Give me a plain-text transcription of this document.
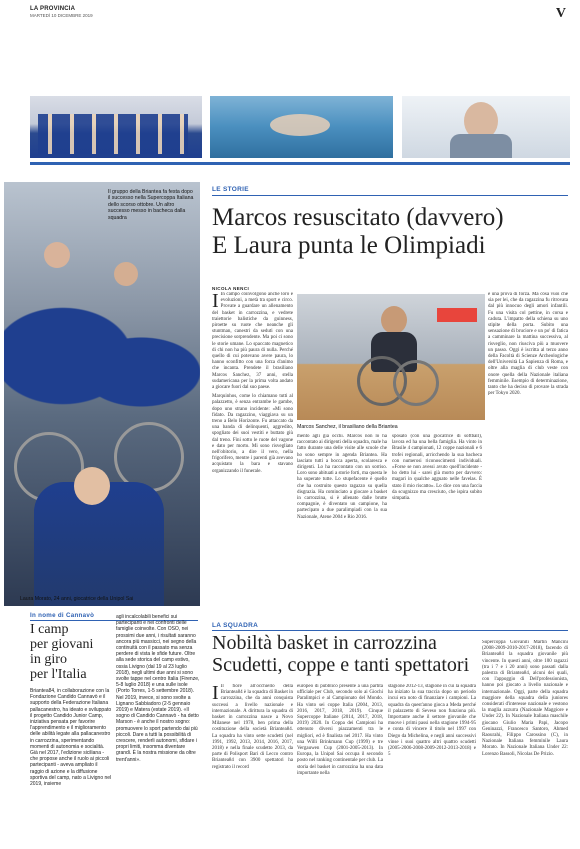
LA PROVINCIA
MARTEDÌ 10 DICEMBRE 2019	V
Il gruppo della Briantea fa festa dopo il successo nella Supercoppa Italiana dello scorso ottobre. Un altro successo messo in bacheca dalla squadra
Laura Morato, 24 anni, giocatrice della Unipol Sai
LE STORIE
Marcos resuscitato (davvero)
E Laura punta le Olimpiadi
NICOLA NENCI
I In campo coinvolgono anche loro e evoluzioni, a metà tra sport e circo. Provate a guardare un allenamento del basket in carrozzina, e vedrete traiettorie balistiche da guinness, piroette su ruote che neanche gli stuntman, canestri da seduti con una precisione sorprendente. Ma poi ci sono le storie umane. Lo spaccato magnetico di chi non ha più paura di nulla. Perché quello di cui potevano avere paura, lo hanno sconfitto con una forza d'animo che incanta. Prendete il brasiliano Marcos Sanchez, 37 anni, stella sudamericana per la prima volta andato a giocare fuori dal suo paese.
Marquinhos, come lo chiamano tutti al palazzetto, è senza entrambe le gambe, dopo uno strano incidente: «Mi sono fidato. Da ragazzino, viaggiava su un treno a Belo Horizonte. Fu attaccato da una banda di delinquenti, aggredito, spogliato dei suoi vestiti e buttato giù dal treno. Fini sotto le ruote del vagone e dato per morto. Mi sono risvegliato nell'obitorio, a dire il vero, nella frigorifero, mentre i parenti già avevano acquistato la bara e stavano organizzando il funerale.
Marcos Sanchez, il brasiliano della Briantea
mento agli già occhi. Marcos non lo ha raccontato ai dirigenti della squadra, male ha fatto durante una delle visite alle scuole che ho sono sempre in agenda Briantea. Ha lasciato tutti a bocca aperta, scolaresca e dirigenti. Lo ha raccontato con un sorriso. Loro sono abituati a storie forti, ma questa le ha superate tutte. Lo stupefacente è quello che ha costruito questo ragazzo su quella disgrazia. Ha cominciato a giocare a basket in carrozzina, si è allenato dalle brutte compagnie, è diventato un campione, ha partecipato a due paralimpiadi con la sua Nazionale, Atene 2004 e Rio 2016.
sposato (con una giocatrice di softball), lavora ed ha una bella famiglia. Ha vinto in Brasile 4 campionati, 12 coppe nazionali e 6 trofei regionali, arricchendo la sua bacheca con numerosi riconoscimenti individuali. «Forse se non avessi avuto quell'incidente - ho detto lui - sarei già morto per davvero: magari in qualche agguato nelle favelas. È stato il mio riscatto». Lo dice con una faccia da scugnizzo ma cresciuto, che ispira subito simpatia.
è una prova di forza. Ma cosa vuoi che sia per lei, che da ragazzina fu ritrovata dal più innocuo degli amori infantili. Fu una visita col pettine, in corsa e caduta. L'impatto della schiena su uno stipite della porta. Subito una sensazione di bruciore e un po' di fatica a camminare la mattina successiva, al risveglio, non riusciva più a muovere un passo. Oggi è iscritta al terzo anno della Facoltà di Scienze Archeologiche dell'Università La Sapienza di Roma, e oltre alla maglia di club veste con onore quella della Nazionale italiana femminile. Esempio di determinazione, tanto che ha deciso di provare la strada per Tokyo 2020.
In nome di Cannavò
I camp
per giovani
in giro
per l'Italia
Briantea84, in collaborazione con la Fondazione Candido Cannavò e il supporto della Federazione Italiana pallacanestro, ha ideato e sviluppato il progetto Candido Junior Camp, iniziativa pensata per favorire l'apprendimento e il miglioramento delle abilità legate alla pallacanestro in carrozzina, sperimentando momenti di autonomia e socialità. Già nel 2017, l'edizione siciliana - che propose anche il ruolo ai piccoli partecipanti - aveva ampliato il raggio di azione e la diffusione sportiva del camp, nato a Livigno nel 2019, insieme
agli incalcolabili benefici sui partecipanti e nei confronti delle famiglie coinvolte. Con OSO, nei prossimi due anni, i risultati saranno ancora più massicci, nei segno della continuità con il passato ma senza perdere di vista le sfide future. Oltre alla sede storica del camp estivo, ossia Livigno (dal 19 al 23 luglio 2018), negli ultimi due anni si sono svolte tappe nel centro Italia (Firenze, 5-8 luglio 2018) e una sulle isole (Porto Torres, 1-5 settembre 2018). Nel 2019, invece, si sono svolte a Lignano Sabbiadoro (2-5 gennaio 2019) e Matera (estate 2019). «Il sogno di Candido Cannavò - ha detto Marson - è anche il nostro sogno: promuovere lo sport partendo dai più piccoli. Dare a tutti la possibilità di crescere, renderli autonomi, sfidare i propri limiti, insomma diventare grandi. È la nostra missione da oltre trent'anni».
LA SQUADRA
Nobiltà basket in carrozzina
Scudetti, coppe e tanti spettatori
I Il fiore all'occhiello della Briantea84 è la squadra di Basket in carrozzina, che da anni conquista successi a livello nazionale e internazionale. A dirittura la squadra di basket in carrozzina nasce a Novo Milanese nel 1978, ben prima della costituzione della società Briantea84. La squadra ha vinto sette scudetti (nel 1991, 1992, 2013, 2014, 2016, 2017, 2018) e nella finale scudetto 2013, da parte di Polisport Bari di Lecco contro Briantea84 con 3900 spettatori ha registrato il record
europeo di pubblico presente a una partita ufficiale per Club, secondo solo ai Giochi Paralimpici e al Campionato del Mondo. Ha vinto sei coppe Italia (2004, 2013, 2016, 2017, 2018, 2019). Cinque Supercoppe Italiane (2014, 2017, 2018, 2019) 2020. In Coppa dei Campioni ha ottenuto diversi piazzamenti tra le migliori, ed è finalista nel 2017. Ha vinto una Willi Brinkmann Cup (1999) e tre Vergauwen Cup (2001-2005-2013). In Europa, la Unipol Sai occupa il secondo posto nel ranking continentale per club. La storia del basket in carrozzina ha una data importante nella
stagione 2012-13, stagione in cui la squadra ha iniziato la sua traccia dopo un periodo incui era noto di finanziare i campioni. La squadra da quest'anno gioca a Meda perché il palazzetto di Seveso non funziona più. Importante anche il settore giovanile che muove i primi passi nella stagione 1994-95 e conta di vincere il titolo nel 1997 con Diego da Michelina, e negli anni successivi vinse i suoi quattro altri quattro scudetti (2005-2006-2008-2009-2012-2013-2018) e 5
Supercoppa Giovanili Martin Mancini (2008-2009-2010-2017-2018), facendo di Briantea84 la squadra giovanile più vincente. In questi anni, oltre 100 ragazzi (tra i 7 e i 20 anni) sono passati dalla palestra di Briantea84, alcuni dei quali, con l'appoggio di Dell'professionista, hanno poi giocato a livello nazionale e internazionale. Oggi, parte della squadra maggiore della squadra della juniores considerati d'interesse nazionale e vestono la maglia azzurra (Nazionale Maggiore e Under 22). In Nazionale Italiana maschile giocano Giulio Maria Papi, Jacopo Geninazzi, Francesco Santoro, Ahmed Raourahi, Filippo Carossino (C), in Nazionale Italiana femminile Laura Morato. In Nazionale Italiana Under 22: Lorenzo Bassoli, Nicolas De Prizio.
